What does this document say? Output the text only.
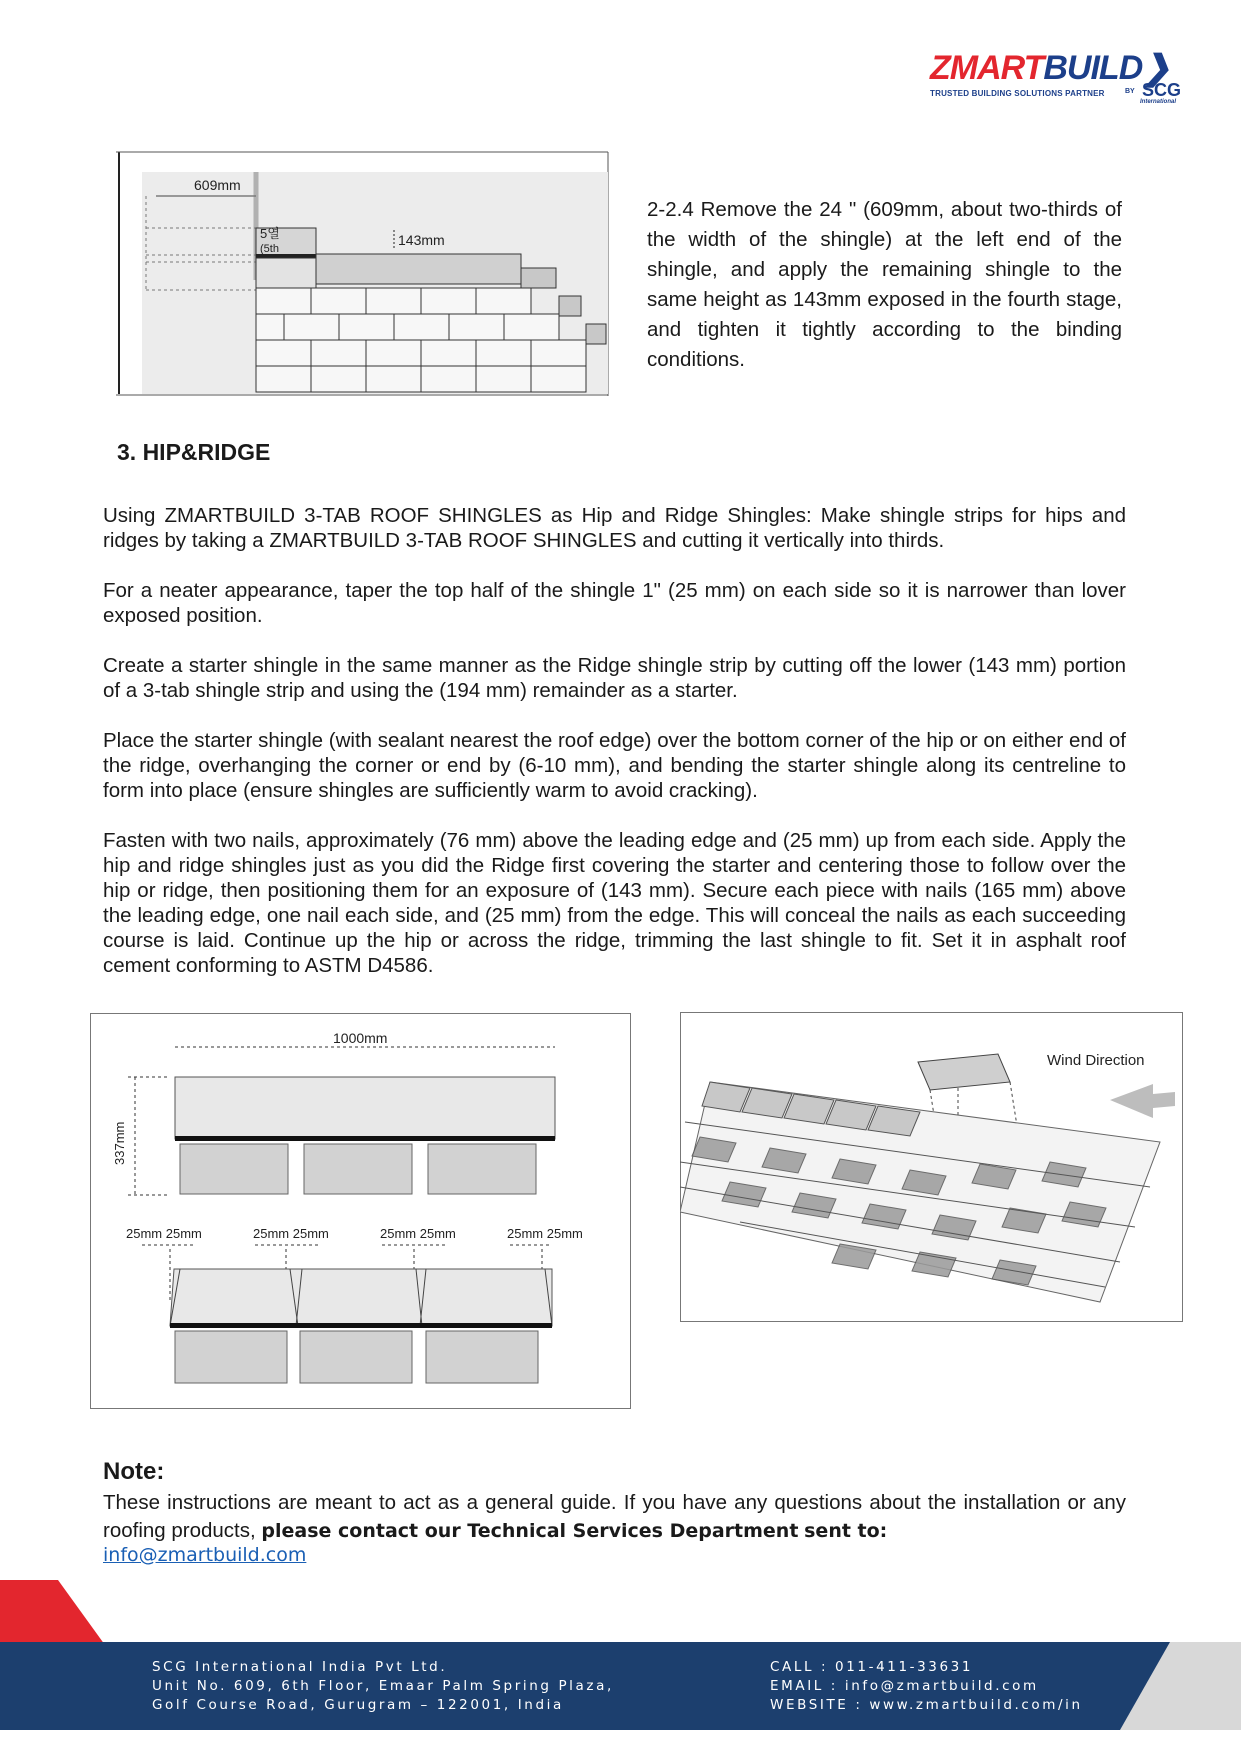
ZMARTBUILD❯
TRUSTED BUILDING SOLUTIONS PARTNER	BY SCG
International
609mm
5열
(5th
143mm
2-2.4 Remove the 24 " (609mm, about two-thirds of the width of the shingle) at the left end of the shingle, and apply the remaining shingle to the same height as 143mm exposed in the fourth stage, and tighten it tightly according to the binding conditions.
3. HIP&RIDGE
Using ZMARTBUILD 3-TAB ROOF SHINGLES as Hip and Ridge Shingles: Make shingle strips for hips and ridges by taking a ZMARTBUILD 3-TAB ROOF SHINGLES and cutting it vertically into thirds.
For a neater appearance, taper the top half of the shingle 1" (25 mm) on each side so it is narrower than lover exposed position.
Create a starter shingle in the same manner as the Ridge shingle strip by cutting off the lower (143 mm) portion of a 3-tab shingle strip and using the (194 mm) remainder as a starter.
Place the starter shingle (with sealant nearest the roof edge) over the bottom corner of the hip or on either end of the ridge, overhanging the corner or end by (6-10 mm), and bending the starter shingle along its centreline to form into place (ensure shingles are sufficiently warm to avoid cracking).
Fasten with two nails, approximately (76 mm) above the leading edge and (25 mm) up from each side. Apply the hip and ridge shingles just as you did the Ridge first covering the starter and centering those to follow over the hip or ridge, then positioning them for an exposure of (143 mm). Secure each piece with nails (165 mm) above the leading edge, one nail each side, and (25 mm) from the edge. This will conceal the nails as each succeeding course is laid. Continue up the hip or across the ridge, trimming the last shingle to fit. Set it in asphalt roof cement conforming to ASTM D4586.
1000mm
337mm
25mm 25mm	25mm 25mm	25mm 25mm	25mm 25mm
Wind Direction
Note:
These instructions are meant to act as a general guide. If you have any questions about the installation or any roofing products, please contact our Technical Services Department sent to:
info@zmartbuild.com
SCG International India Pvt Ltd.
Unit No. 609, 6th Floor, Emaar Palm Spring Plaza,
Golf Course Road, Gurugram – 122001, India
CALL : 011-411-33631
EMAIL : info@zmartbuild.com
WEBSITE : www.zmartbuild.com/in
